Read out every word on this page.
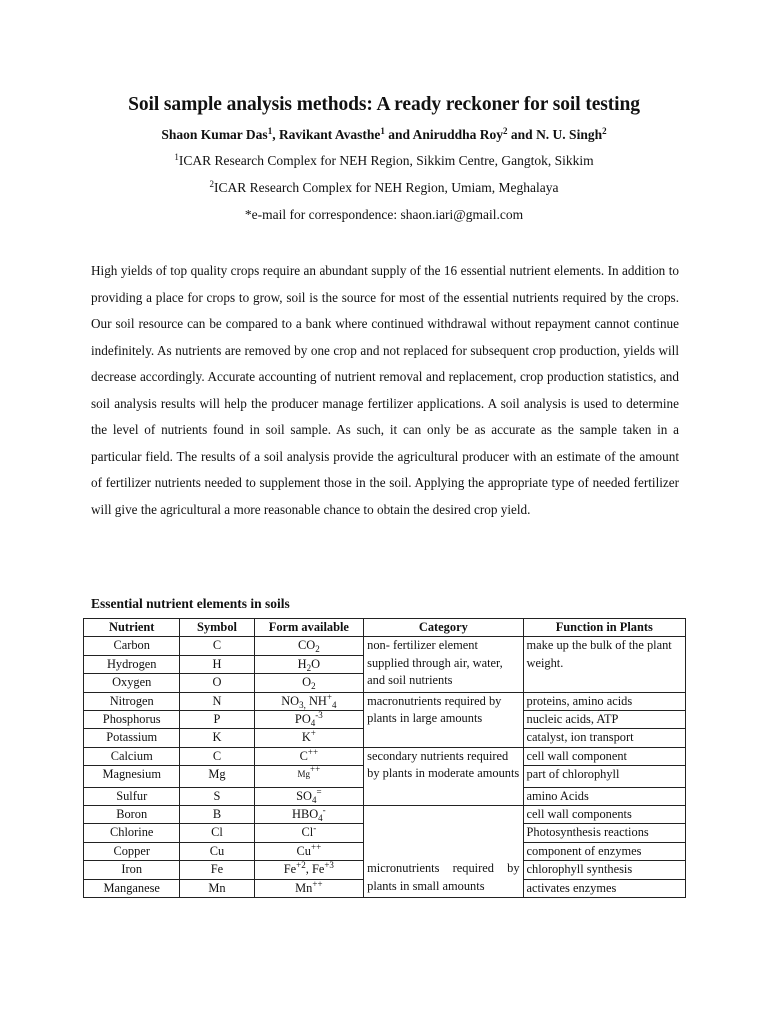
Soil sample analysis methods: A ready reckoner for soil testing
Shaon Kumar Das$^1$, Ravikant Avasthe$^1$ and Aniruddha Roy$^2$ and N. U. Singh$^2$
$^1$ICAR Research Complex for NEH Region, Sikkim Centre, Gangtok, Sikkim
$^2$ICAR Research Complex for NEH Region, Umiam, Meghalaya
*e-mail for correspondence: shaon.iari@gmail.com

High yields of top quality crops require an abundant supply of the 16 essential nutrient elements. In addition to providing a place for crops to grow, soil is the source for most of the essential nutrients required by the crops. Our soil resource can be compared to a bank where continued withdrawal without repayment cannot continue indefinitely. As nutrients are removed by one crop and not replaced for subsequent crop production, yields will decrease accordingly. Accurate accounting of nutrient removal and replacement, crop production statistics, and soil analysis results will help the producer manage fertilizer applications. A soil analysis is used to determine the level of nutrients found in soil sample. As such, it can only be as accurate as the sample taken in a particular field. The results of a soil analysis provide the agricultural producer with an estimate of the amount of fertilizer nutrients needed to supplement those in the soil. Applying the appropriate type of needed fertilizer will give the agricultural a more reasonable chance to obtain the desired crop yield.

Essential nutrient elements in soils
Nutrient	Symbol	Form available	Category	Function in Plants
Carbon	C	$CO_2$	non- fertilizer element supplied through air, water, and soil nutrients	make up the bulk of the plant weight.
Hydrogen	H	$H_2O$		
Oxygen	O	$O_2$

Nitrogen	N	$NO_{3,}$ $NH^+_4$	macronutrients required by plants in large amounts	proteins, amino acids
Phosphorus	P	$PO_4^{-3}$		nucleic acids, ATP
Potassium	K	K+		catalyst, ion transport
Calcium	C	C++	secondary nutrients required by plants in moderate amounts	cell wall component
Magnesium	Mg	$^{Mg^{++}}$		part of chlorophyll
Sulfur	S	$SO_4^=$		amino Acids
Boron	B	$HBO_4^-$	micronutrients required by plants in small amounts	cell wall components
Chlorine	Cl	Cl-		Photosynthesis reactions

Copper	Cu	Cu++		component of enzymes
Iron	Fe	$Fe^{+2}$, $Fe^{+3}$		chlorophyll synthesis
Manganese	Mn	Mn++		activates enzymes
